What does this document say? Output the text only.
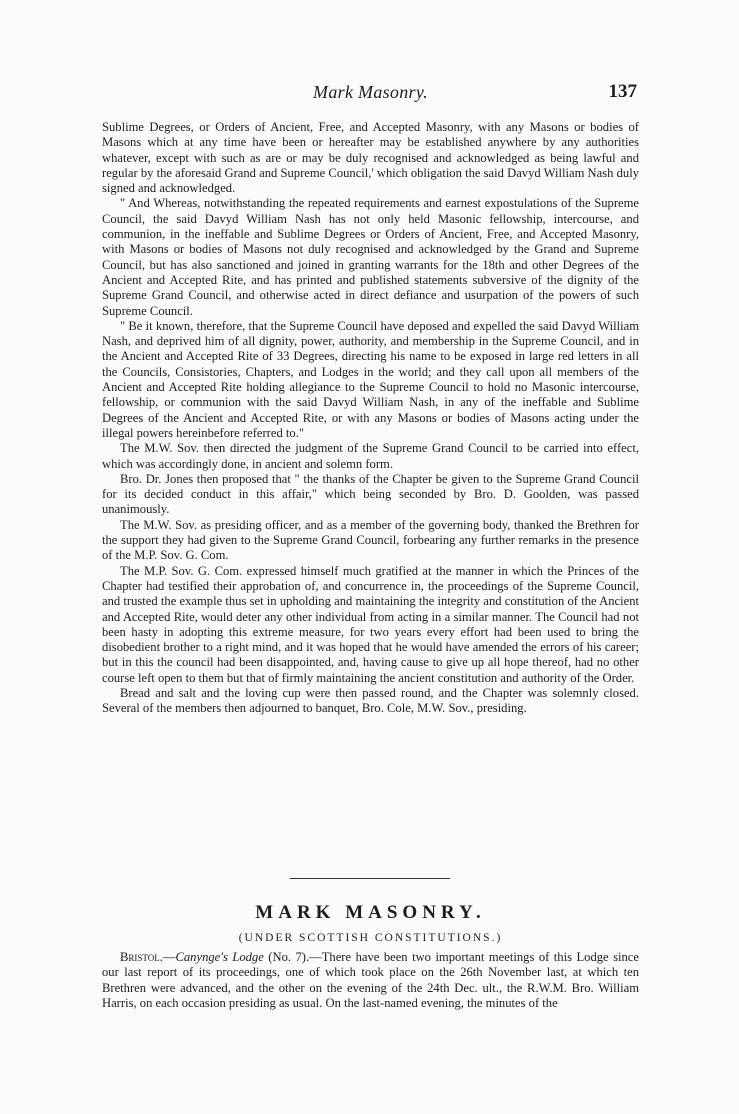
Mark Masonry.	137

Sublime Degrees, or Orders of Ancient, Free, and Accepted Masonry, with any Masons or bodies of Masons which at any time have been or hereafter may be established anywhere by any authorities whatever, except with such as are or may be duly recognised and acknowledged as being lawful and regular by the aforesaid Grand and Supreme Council,' which obligation the said Davyd William Nash duly signed and acknowledged.

" And Whereas, notwithstanding the repeated requirements and earnest expostulations of the Supreme Council, the said Davyd William Nash has not only held Masonic fellowship, intercourse, and communion, in the ineffable and Sublime Degrees or Orders of Ancient, Free, and Accepted Masonry, with Masons or bodies of Masons not duly recognised and acknowledged by the Grand and Supreme Council, but has also sanctioned and joined in granting warrants for the 18th and other Degrees of the Ancient and Accepted Rite, and has printed and published statements subversive of the dignity of the Supreme Grand Council, and otherwise acted in direct defiance and usurpation of the powers of such Supreme Council.

" Be it known, therefore, that the Supreme Council have deposed and expelled the said Davyd William Nash, and deprived him of all dignity, power, authority, and membership in the Supreme Council, and in the Ancient and Accepted Rite of 33 Degrees, directing his name to be exposed in large red letters in all the Councils, Consistories, Chapters, and Lodges in the world; and they call upon all members of the Ancient and Accepted Rite holding allegiance to the Supreme Council to hold no Masonic intercourse, fellowship, or communion with the said Davyd William Nash, in any of the ineffable and Sublime Degrees of the Ancient and Accepted Rite, or with any Masons or bodies of Masons acting under the illegal powers hereinbefore referred to."

The M.W. Sov. then directed the judgment of the Supreme Grand Council to be carried into effect, which was accordingly done, in ancient and solemn form.

Bro. Dr. Jones then proposed that " the thanks of the Chapter be given to the Supreme Grand Council for its decided conduct in this affair," which being seconded by Bro. D. Goolden, was passed unanimously.

The M.W. Sov. as presiding officer, and as a member of the governing body, thanked the Brethren for the support they had given to the Supreme Grand Council, forbearing any further remarks in the presence of the M.P. Sov. G. Com.

The M.P. Sov. G. Com. expressed himself much gratified at the manner in which the Princes of the Chapter had testified their approbation of, and concurrence in, the proceedings of the Supreme Council, and trusted the example thus set in upholding and maintaining the integrity and constitution of the Ancient and Accepted Rite, would deter any other individual from acting in a similar manner. The Council had not been hasty in adopting this extreme measure, for two years every effort had been used to bring the disobedient brother to a right mind, and it was hoped that he would have amended the errors of his career; but in this the council had been disappointed, and, having cause to give up all hope thereof, had no other course left open to them but that of firmly maintaining the ancient constitution and authority of the Order.

Bread and salt and the loving cup were then passed round, and the Chapter was solemnly closed. Several of the members then adjourned to banquet, Bro. Cole, M.W. Sov., presiding.

MARK MASONRY.
(UNDER SCOTTISH CONSTITUTIONS.)

Bristol.—Canynge's Lodge (No. 7).—There have been two important meetings of this Lodge since our last report of its proceedings, one of which took place on the 26th November last, at which ten Brethren were advanced, and the other on the evening of the 24th Dec. ult., the R.W.M. Bro. William Harris, on each occasion presiding as usual. On the last-named evening, the minutes of the
